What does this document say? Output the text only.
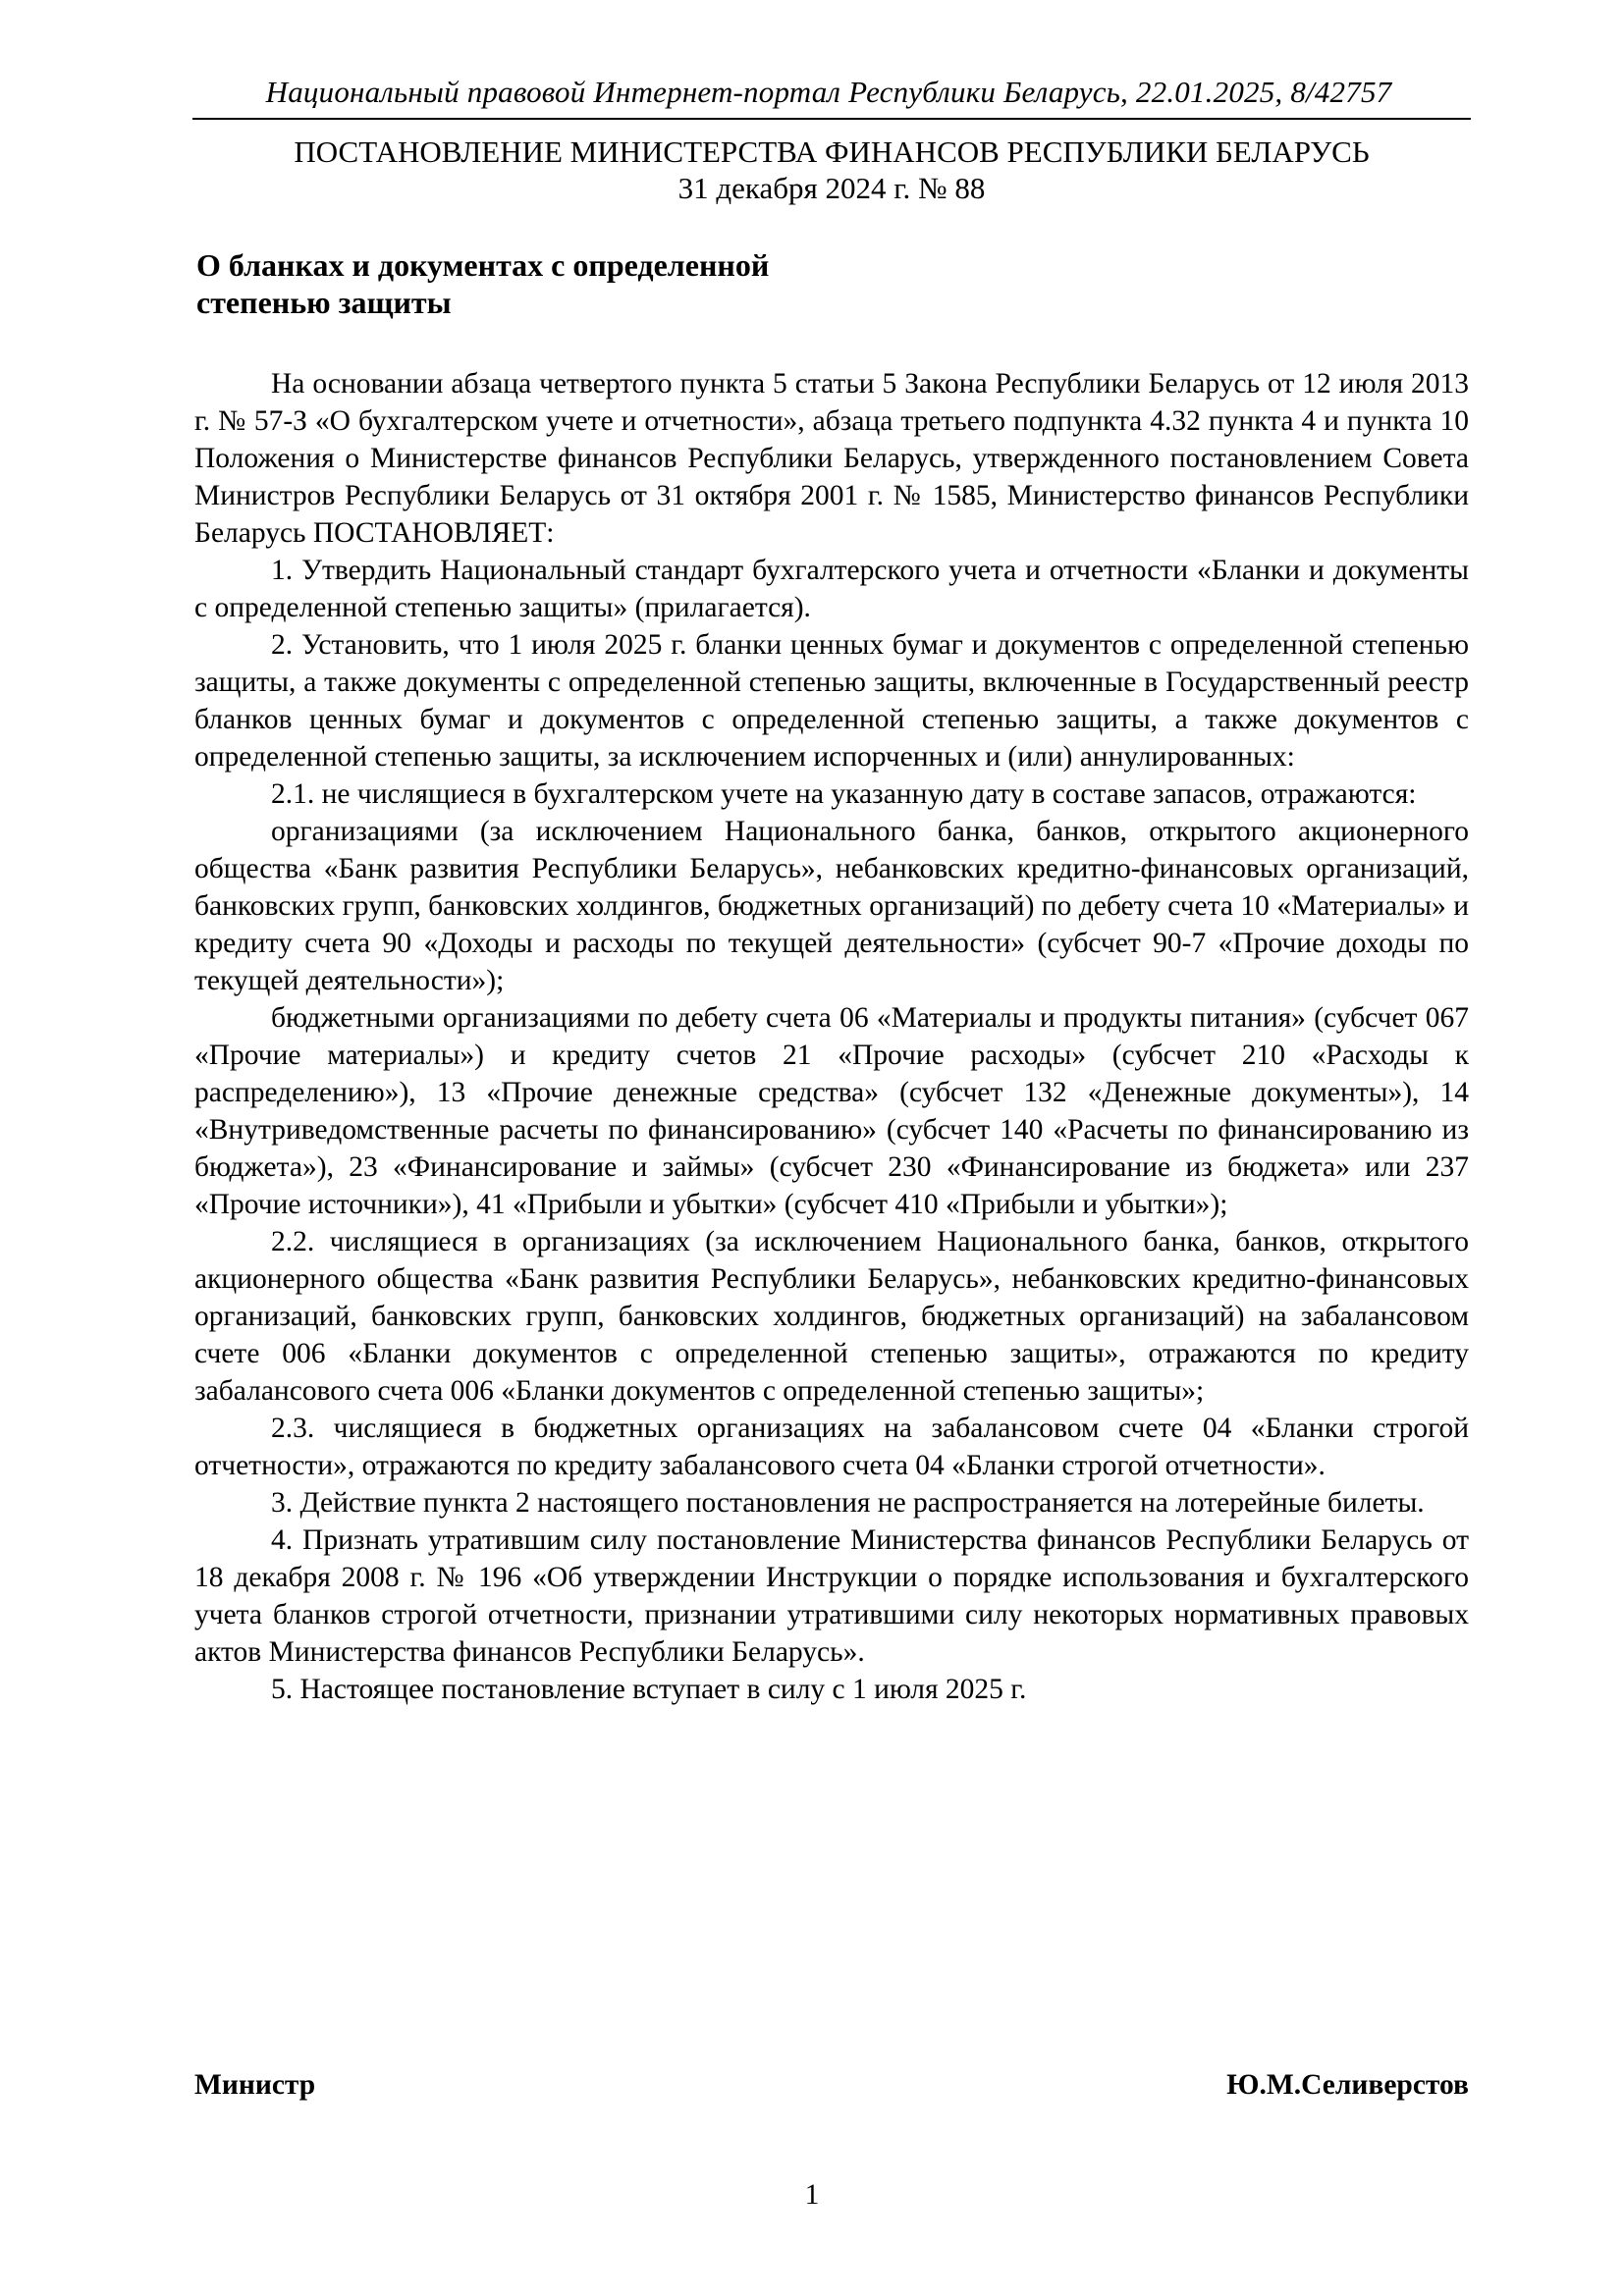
Национальный правовой Интернет-портал Республики Беларусь, 22.01.2025, 8/42757
ПОСТАНОВЛЕНИЕ МИНИСТЕРСТВА ФИНАНСОВ РЕСПУБЛИКИ БЕЛАРУСЬ
31 декабря 2024 г. № 88
О бланках и документах с определенной
степенью защиты

На основании абзаца четвертого пункта 5 статьи 5 Закона Республики Беларусь от 12 июля 2013 г. № 57-З «О бухгалтерском учете и отчетности», абзаца третьего подпункта 4.32 пункта 4 и пункта 10 Положения о Министерстве финансов Республики Беларусь, утвержденного постановлением Совета Министров Республики Беларусь от 31 октября 2001 г. № 1585, Министерство финансов Республики Беларусь ПОСТАНОВЛЯЕТ:

1. Утвердить Национальный стандарт бухгалтерского учета и отчетности «Бланки и документы с определенной степенью защиты» (прилагается).

2. Установить, что 1 июля 2025 г. бланки ценных бумаг и документов с определенной степенью защиты, а также документы с определенной степенью защиты, включенные в Государственный реестр бланков ценных бумаг и документов с определенной степенью защиты, а также документов с определенной степенью защиты, за исключением испорченных и (или) аннулированных:

2.1. не числящиеся в бухгалтерском учете на указанную дату в составе запасов, отражаются:

организациями (за исключением Национального банка, банков, открытого акционерного общества «Банк развития Республики Беларусь», небанковских кредитно-финансовых организаций, банковских групп, банковских холдингов, бюджетных организаций) по дебету счета 10 «Материалы» и кредиту счета 90 «Доходы и расходы по текущей деятельности» (субсчет 90-7 «Прочие доходы по текущей деятельности»);

бюджетными организациями по дебету счета 06 «Материалы и продукты питания» (субсчет 067 «Прочие материалы») и кредиту счетов 21 «Прочие расходы» (субсчет 210 «Расходы к распределению»), 13 «Прочие денежные средства» (субсчет 132 «Денежные документы»), 14 «Внутриведомственные расчеты по финансированию» (субсчет 140 «Расчеты по финансированию из бюджета»), 23 «Финансирование и займы» (субсчет 230 «Финансирование из бюджета» или 237 «Прочие источники»), 41 «Прибыли и убытки» (субсчет 410 «Прибыли и убытки»);

2.2. числящиеся в организациях (за исключением Национального банка, банков, открытого акционерного общества «Банк развития Республики Беларусь», небанковских кредитно-финансовых организаций, банковских групп, банковских холдингов, бюджетных организаций) на забалансовом счете 006 «Бланки документов с определенной степенью защиты», отражаются по кредиту забалансового счета 006 «Бланки документов с определенной степенью защиты»;

2.3. числящиеся в бюджетных организациях на забалансовом счете 04 «Бланки строгой отчетности», отражаются по кредиту забалансового счета 04 «Бланки строгой отчетности».

3. Действие пункта 2 настоящего постановления не распространяется на лотерейные билеты.

4. Признать утратившим силу постановление Министерства финансов Республики Беларусь от 18 декабря 2008 г. № 196 «Об утверждении Инструкции о порядке использования и бухгалтерского учета бланков строгой отчетности, признании утратившими силу некоторых нормативных правовых актов Министерства финансов Республики Беларусь».

5. Настоящее постановление вступает в силу с 1 июля 2025 г.

Министр	Ю.М.Селиверстов
1
